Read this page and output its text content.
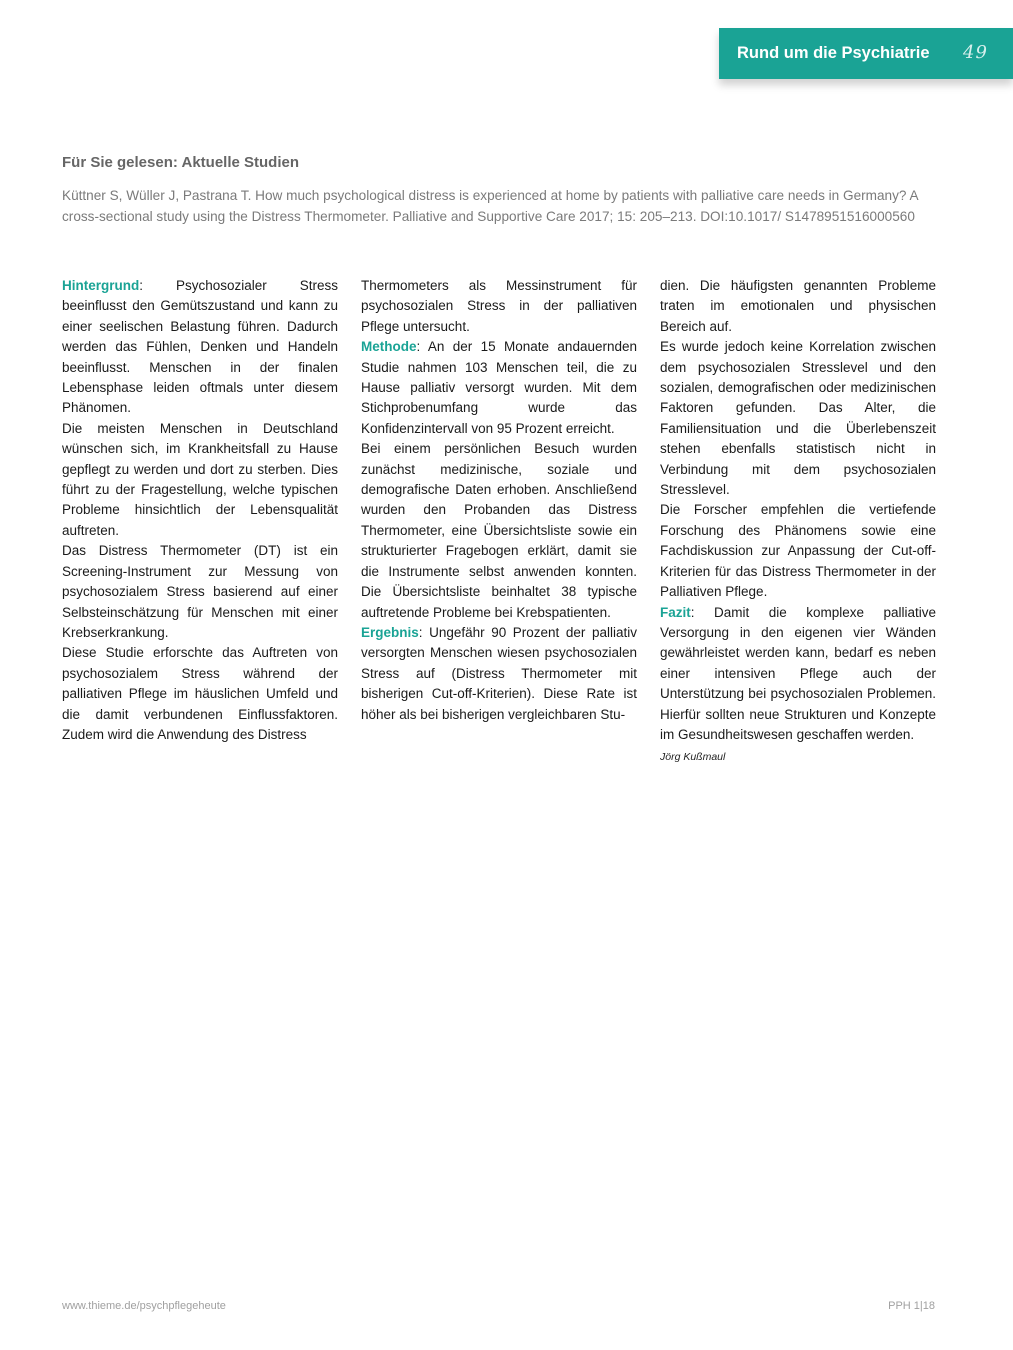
Rund um die Psychiatrie 49
Für Sie gelesen: Aktuelle Studien
Küttner S, Wüller J, Pastrana T. How much psychological distress is experienced at home by patients with palliative care needs in Germany? A cross-sectional study using the Distress Thermometer. Palliative and Supportive Care 2017; 15: 205–213. DOI:10.1017/ S1478951516000560

Hintergrund: Psychosozialer Stress beeinflusst den Gemütszustand und kann zu einer seelischen Belastung führen. Dadurch werden das Fühlen, Denken und Handeln beeinflusst. Menschen in der finalen Lebensphase leiden oftmals unter diesem Phänomen.

Die meisten Menschen in Deutschland wünschen sich, im Krankheitsfall zu Hause gepflegt zu werden und dort zu sterben. Dies führt zu der Fragestellung, welche typischen Probleme hinsichtlich der Lebensqualität auftreten.

Das Distress Thermometer (DT) ist ein Screening-Instrument zur Messung von psychosozialem Stress basierend auf einer Selbsteinschätzung für Menschen mit einer Krebserkrankung.

Diese Studie erforschte das Auftreten von psychosozialem Stress während der palliativen Pflege im häuslichen Umfeld und die damit verbundenen Einflussfaktoren. Zudem wird die Anwendung des Distress

Thermometers als Messinstrument für psychosozialen Stress in der palliativen Pflege untersucht.

Methode: An der 15 Monate andauernden Studie nahmen 103 Menschen teil, die zu Hause palliativ versorgt wurden. Mit dem Stichprobenumfang wurde das Konfidenzintervall von 95 Prozent erreicht.

Bei einem persönlichen Besuch wurden zunächst medizinische, soziale und demografische Daten erhoben. Anschließend wurden den Probanden das Distress Thermometer, eine Übersichtsliste sowie ein strukturierter Fragebogen erklärt, damit sie die Instrumente selbst anwenden konnten. Die Übersichtsliste beinhaltet 38 typische auftretende Probleme bei Krebspatienten.

Ergebnis: Ungefähr 90 Prozent der palliativ versorgten Menschen wiesen psychosozialen Stress auf (Distress Thermometer mit bisherigen Cut-off-Kriterien). Diese Rate ist höher als bei bisherigen vergleichbaren Stu-

dien. Die häufigsten genannten Probleme traten im emotionalen und physischen Bereich auf.

Es wurde jedoch keine Korrelation zwischen dem psychosozialen Stresslevel und den sozialen, demografischen oder medizinischen Faktoren gefunden. Das Alter, die Familiensituation und die Überlebenszeit stehen ebenfalls statistisch nicht in Verbindung mit dem psychosozialen Stresslevel.

Die Forscher empfehlen die vertiefende Forschung des Phänomens sowie eine Fachdiskussion zur Anpassung der Cut-off-Kriterien für das Distress Thermometer in der Palliativen Pflege.

Fazit: Damit die komplexe palliative Versorgung in den eigenen vier Wänden gewährleistet werden kann, bedarf es neben einer intensiven Pflege auch der Unterstützung bei psychosozialen Problemen. Hierfür sollten neue Strukturen und Konzepte im Gesundheitswesen geschaffen werden.

Jörg Kußmaul
www.thieme.de/psychpflegeheute	PPH 1|18
